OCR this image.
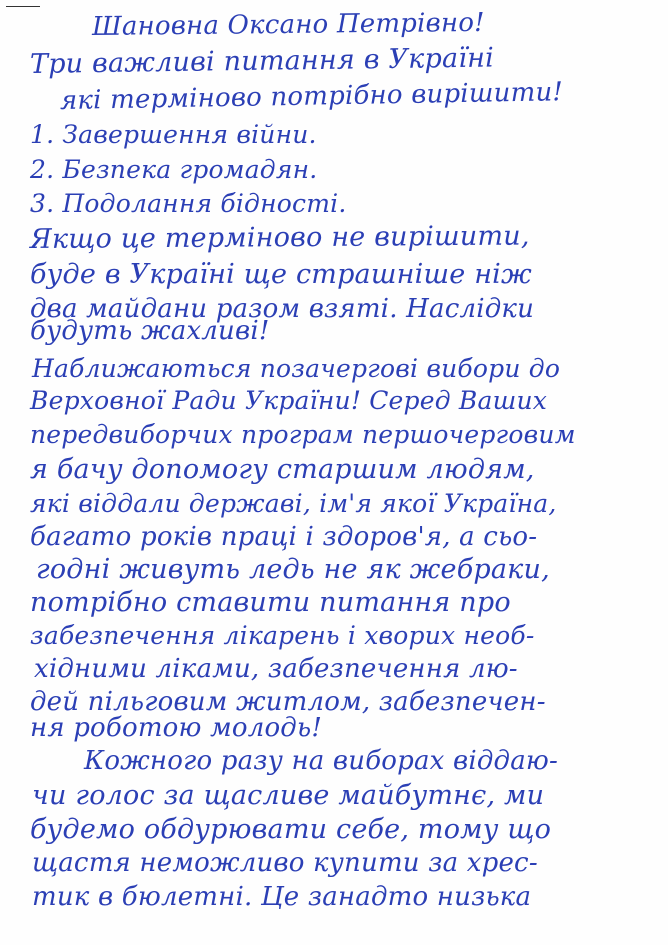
Шановна Оксано Петрівно!
Три важливі питання в Україні
які терміново потрібно вирішити!
1. Завершення війни.
2. Безпека громадян.
3. Подолання бідності.
Якщо це терміново не вирішити,
буде в Україні ще страшніше ніж
два майдани разом взяті. Наслідки
будуть жахливі!
Наближаються позачергові вибори до
Верховної Ради України! Серед Ваших
передвиборчих програм першочерговим
я бачу допомогу старшим людям,
які віддали державі, ім'я якої Україна,
багато років праці і здоров'я, а сьо-
годні живуть ледь не як жебраки,
потрібно ставити питання про
забезпечення лікарень і хворих необ-
хідними ліками, забезпечення лю-
дей пільговим житлом, забезпечен-
ня роботою молодь!
Кожного разу на виборах віддаю-
чи голос за щасливе майбутнє, ми
будемо обдурювати себе, тому що
щастя неможливо купити за хрес-
тик в бюлетні. Це занадто низька
